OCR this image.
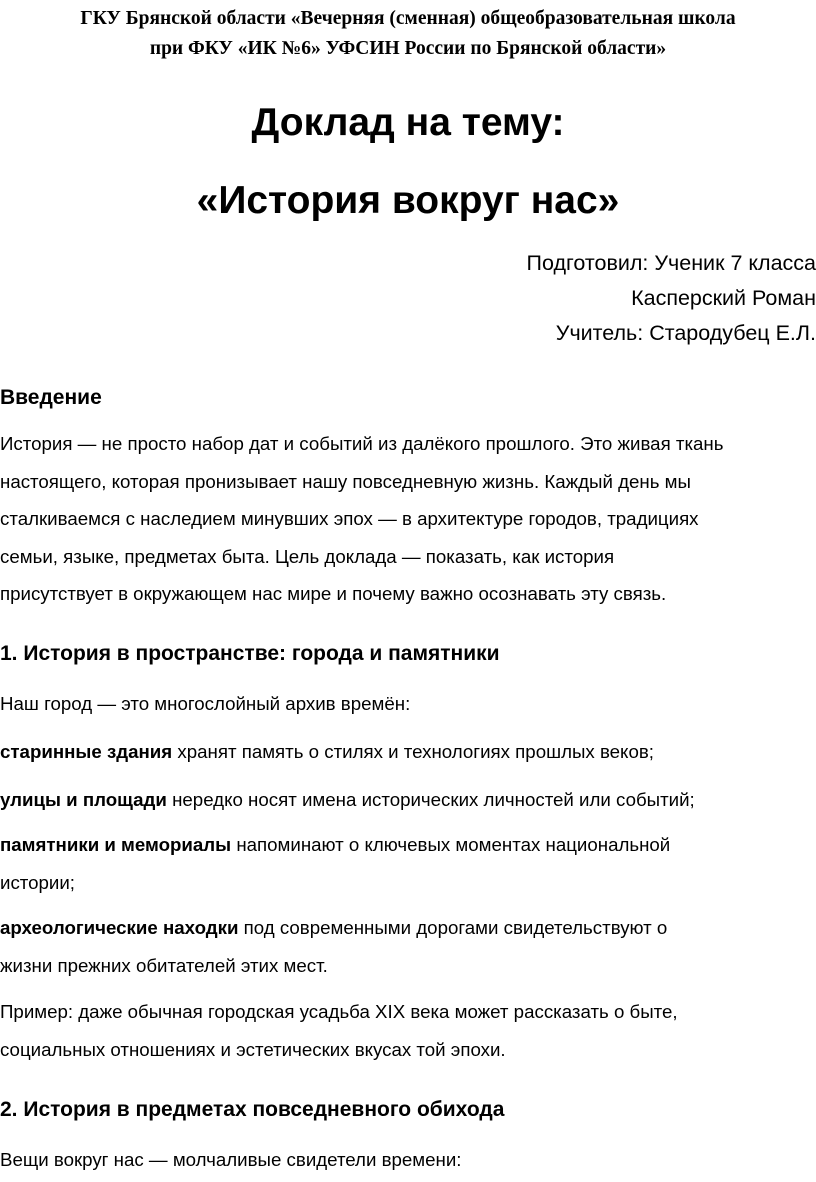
ГКУ Брянской области «Вечерняя (сменная) общеобразовательная школа
при ФКУ «ИК №6» УФСИН России по Брянской области»
Доклад на тему:
«История вокруг нас»
Подготовил: Ученик 7 класса
Касперский Роман
Учитель: Стародубец Е.Л.
Введение

История — не просто набор дат и событий из далёкого прошлого. Это живая ткань

настоящего, которая пронизывает нашу повседневную жизнь. Каждый день мы

сталкиваемся с наследием минувших эпох — в архитектуре городов, традициях

семьи, языке, предметах быта. Цель доклада — показать, как история

присутствует в окружающем нас мире и почему важно осознавать эту связь.

1. История в пространстве: города и памятники

Наш город — это многослойный архив времён:

старинные здания хранят память о стилях и технологиях прошлых веков;

улицы и площади нередко носят имена исторических личностей или событий;

памятники и мемориалы напоминают о ключевых моментах национальной

истории;

археологические находки под современными дорогами свидетельствуют о

жизни прежних обитателей этих мест.

Пример: даже обычная городская усадьба XIX века может рассказать о быте,

социальных отношениях и эстетических вкусах той эпохи.

2. История в предметах повседневного обихода

Вещи вокруг нас — молчаливые свидетели времени:
